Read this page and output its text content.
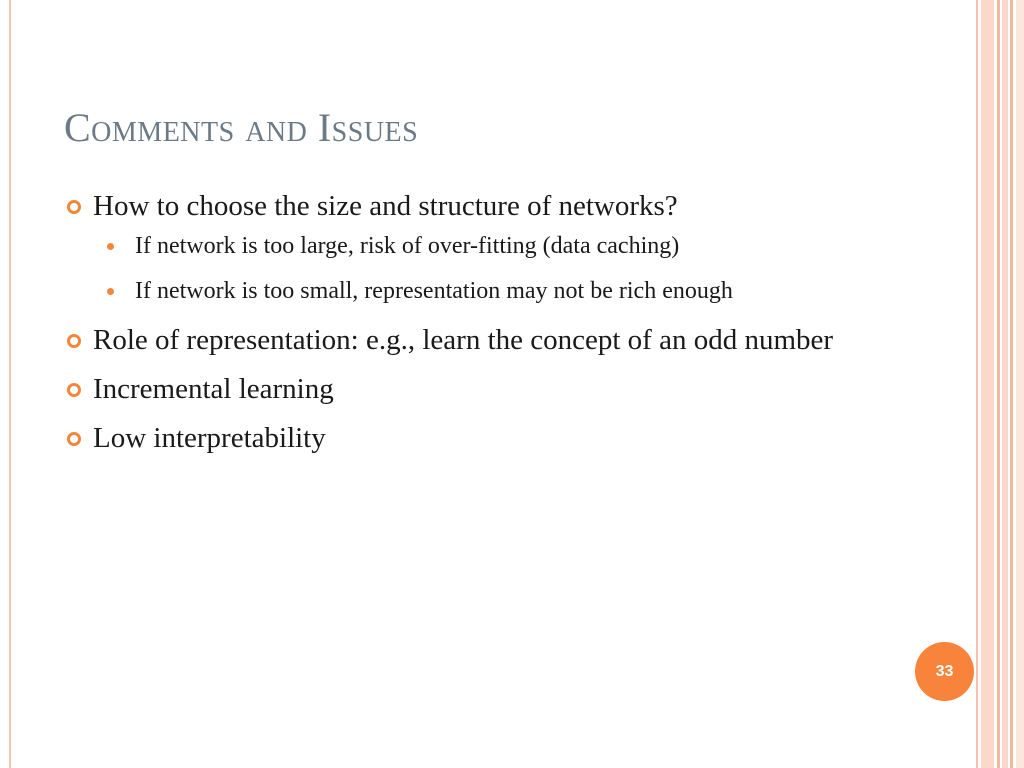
Comments and Issues
How to choose the size and structure of networks?
If network is too large, risk of over-fitting (data caching)
If network is too small, representation may not be rich enough
Role of representation: e.g., learn the concept of an odd number
Incremental learning
Low interpretability
33
